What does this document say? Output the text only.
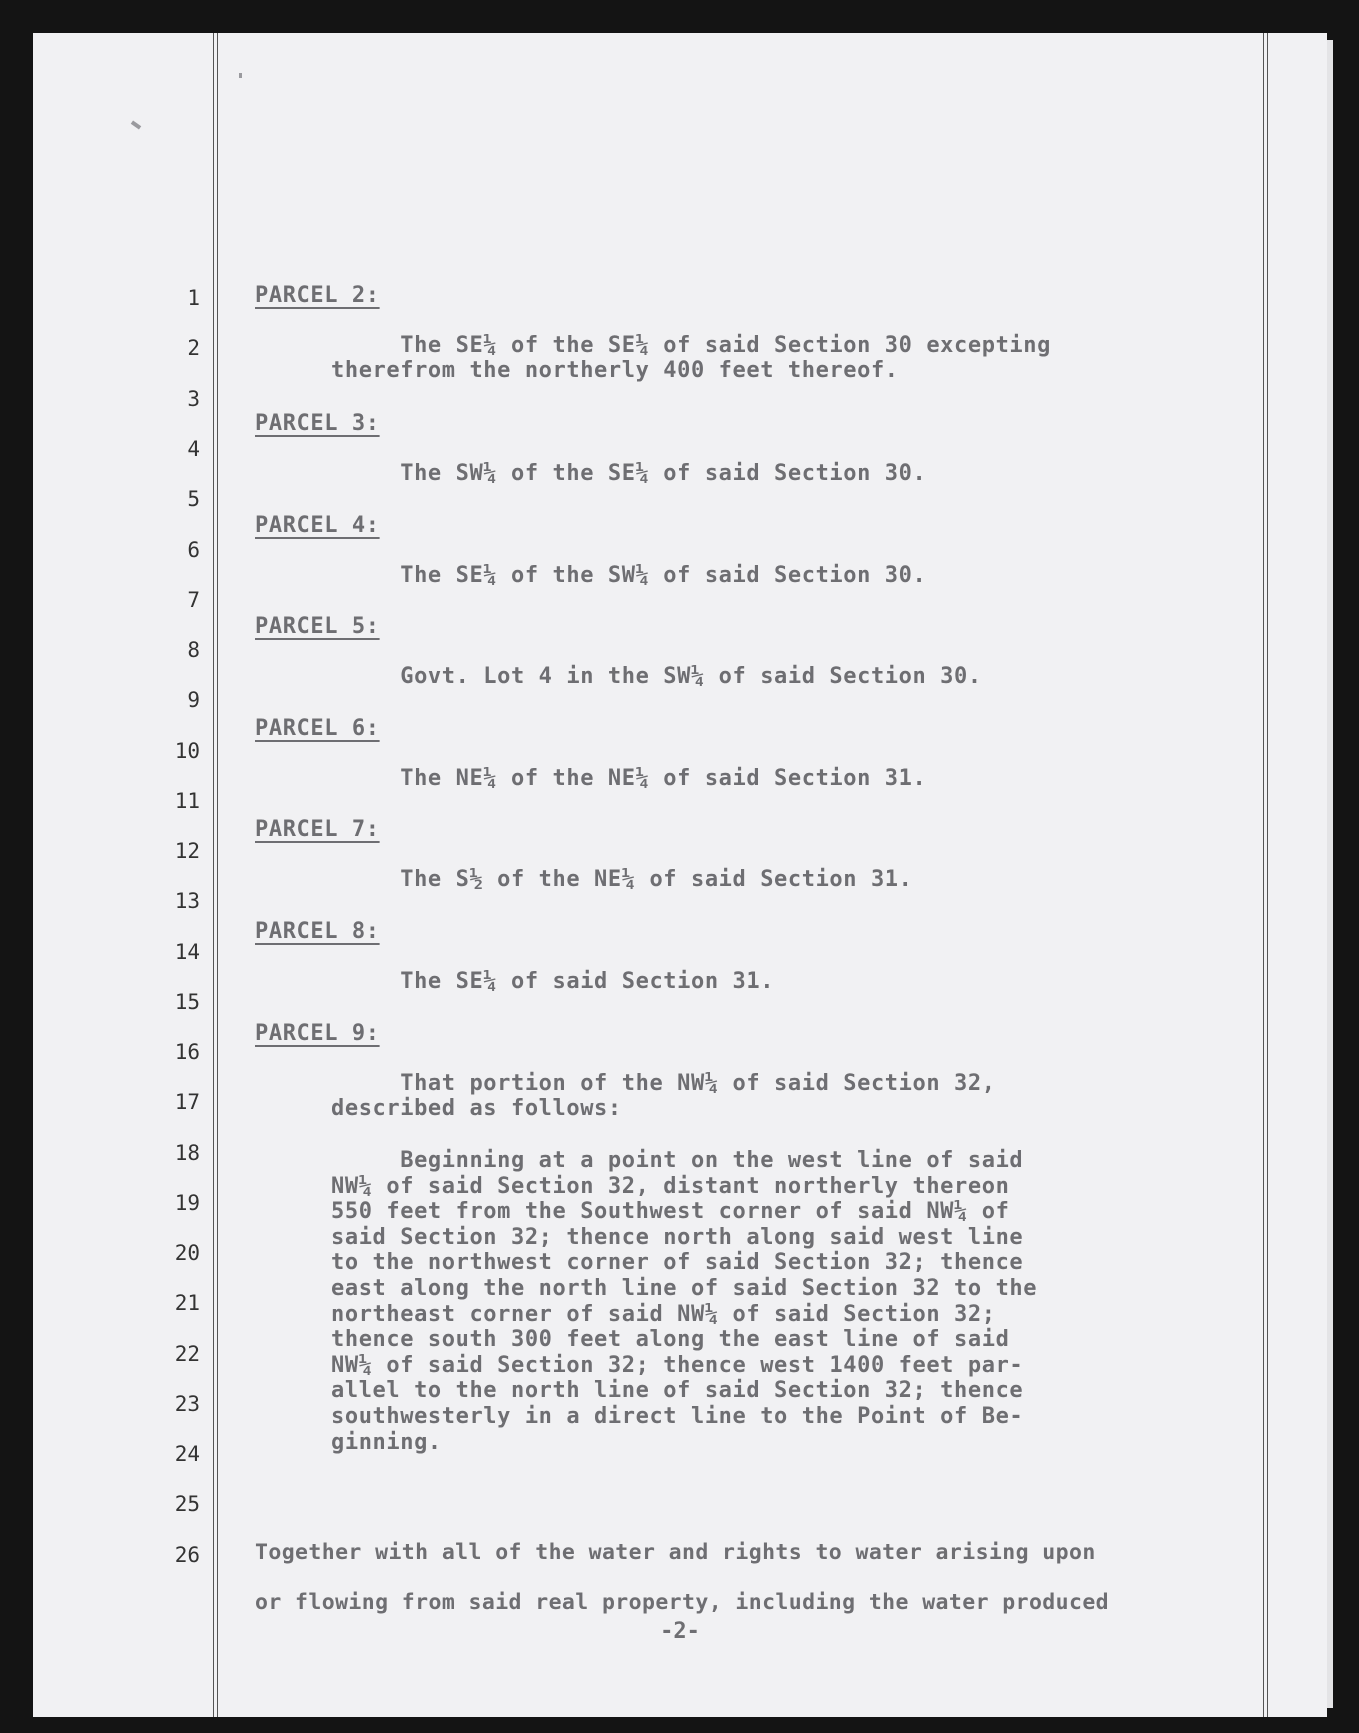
1
2
3
4
5
6
7
8
9
10
11
12
13
14
15
16
17
18
19
20
21
22
23
24
25
26
PARCEL 2:
The SE¼ of the SE¼ of said Section 30 excepting
therefrom the northerly 400 feet thereof.
PARCEL 3:
The SW¼ of the SE¼ of said Section 30.
PARCEL 4:
The SE¼ of the SW¼ of said Section 30.
PARCEL 5:
Govt. Lot 4 in the SW¼ of said Section 30.
PARCEL 6:
The NE¼ of the NE¼ of said Section 31.
PARCEL 7:
The S½ of the NE¼ of said Section 31.
PARCEL 8:
The SE¼ of said Section 31.
PARCEL 9:
That portion of the NW¼ of said Section 32,
described as follows:
Beginning at a point on the west line of said
NW¼ of said Section 32, distant northerly thereon
550 feet from the Southwest corner of said NW¼ of
said Section 32; thence north along said west line
to the northwest corner of said Section 32; thence
east along the north line of said Section 32 to the
northeast corner of said NW¼ of said Section 32;
thence south 300 feet along the east line of said
NW¼ of said Section 32; thence west 1400 feet par-
allel to the north line of said Section 32; thence
southwesterly in a direct line to the Point of Be-
ginning.
Together with all of the water and rights to water arising upon
or flowing from said real property, including the water produced
-2-
